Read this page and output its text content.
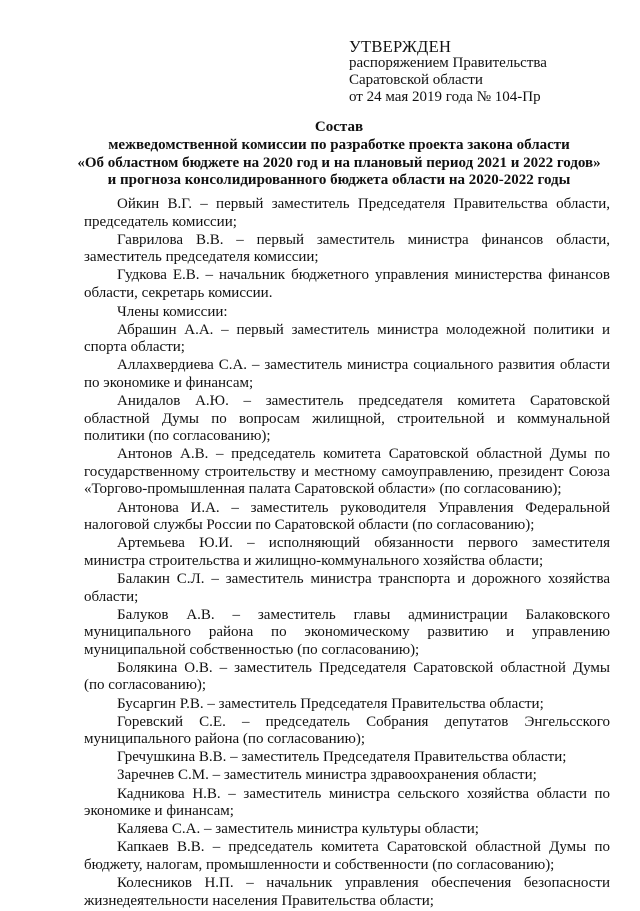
УТВЕРЖДЕН
распоряжением Правительства
Саратовской области
от 24 мая 2019 года № 104-Пр
Состав
межведомственной комиссии по разработке проекта закона области
«Об областном бюджете на 2020 год и на плановый период 2021 и 2022 годов»
и прогноза консолидированного бюджета области на 2020-2022 годы

Ойкин В.Г. – первый заместитель Председателя Правительства области, председатель комиссии;

Гаврилова В.В. – первый заместитель министра финансов области, заместитель председателя комиссии;

Гудкова Е.В. – начальник бюджетного управления министерства финансов области, секретарь комиссии.

Члены комиссии:

Абрашин А.А. – первый заместитель министра молодежной политики и спорта области;

Аллахвердиева С.А. – заместитель министра социального развития области по экономике и финансам;

Анидалов А.Ю. – заместитель председателя комитета Саратовской областной Думы по вопросам жилищной, строительной и коммунальной политики (по согласованию);

Антонов А.В. – председатель комитета Саратовской областной Думы по государственному строительству и местному самоуправлению, президент Союза «Торгово-промышленная палата Саратовской области» (по согласованию);

Антонова И.А. – заместитель руководителя Управления Федеральной налоговой службы России по Саратовской области (по согласованию);

Артемьева Ю.И. – исполняющий обязанности первого заместителя министра строительства и жилищно-коммунального хозяйства области;

Балакин С.Л. – заместитель министра транспорта и дорожного хозяйства области;

Балуков А.В. – заместитель главы администрации Балаковского муниципального района по экономическому развитию и управлению муниципальной собственностью (по согласованию);

Болякина О.В. – заместитель Председателя Саратовской областной Думы (по согласованию);

Бусаргин Р.В. – заместитель Председателя Правительства области;

Горевский С.Е. – председатель Собрания депутатов Энгельсского муниципального района (по согласованию);

Гречушкина В.В. – заместитель Председателя Правительства области;

Заречнев С.М. – заместитель министра здравоохранения области;

Кадникова Н.В. – заместитель министра сельского хозяйства области по экономике и финансам;

Каляева С.А. – заместитель министра культуры области;

Капкаев В.В. – председатель комитета Саратовской областной Думы по бюджету, налогам, промышленности и собственности (по согласованию);

Колесников Н.П. – начальник управления обеспечения безопасности жизнедеятельности населения Правительства области;
